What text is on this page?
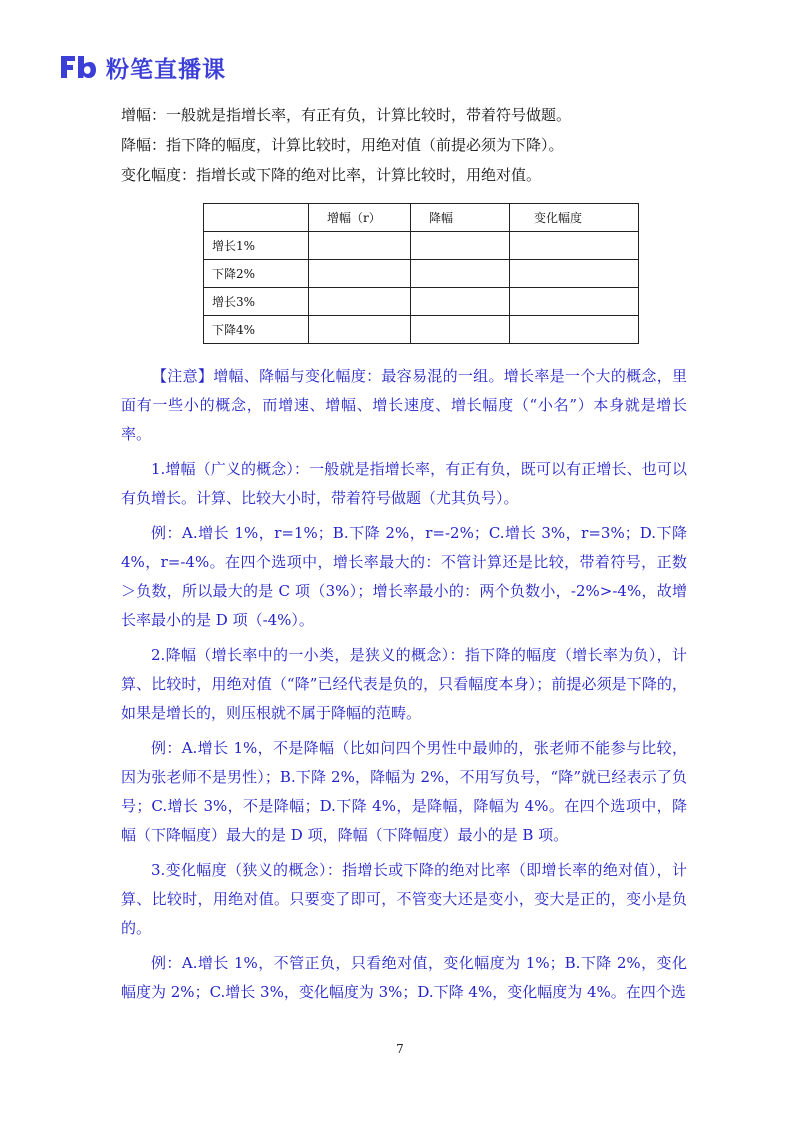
粉笔直播课

增幅：一般就是指增长率，有正有负，计算比较时，带着符号做题。

降幅：指下降的幅度，计算比较时，用绝对值（前提必须为下降）。

变化幅度：指增长或下降的绝对比率，计算比较时，用绝对值。

	增幅（r）	降幅	变化幅度
增长1%			
下降2%			
增长3%			
下降4%			

【注意】增幅、降幅与变化幅度：最容易混的一组。增长率是一个大的概念，里面有一些小的概念，而增速、增幅、增长速度、增长幅度（“小名”）本身就是增长率。

1.增幅（广义的概念）：一般就是指增长率，有正有负，既可以有正增长、也可以有负增长。计算、比较大小时，带着符号做题（尤其负号）。

例：A.增长 1%，r=1%；B.下降 2%，r=-2%；C.增长 3%，r=3%；D.下降 4%，r=-4%。在四个选项中，增长率最大的：不管计算还是比较，带着符号，正数＞负数，所以最大的是 C 项（3%）；增长率最小的：两个负数小，-2%>-4%，故增长率最小的是 D 项（-4%）。

2.降幅（增长率中的一小类，是狭义的概念）：指下降的幅度（增长率为负），计算、比较时，用绝对值（“降”已经代表是负的，只看幅度本身）；前提必须是下降的，如果是增长的，则压根就不属于降幅的范畴。

例：A.增长 1%，不是降幅（比如问四个男性中最帅的，张老师不能参与比较，因为张老师不是男性）；B.下降 2%，降幅为 2%，不用写负号，“降”就已经表示了负号；C.增长 3%，不是降幅；D.下降 4%，是降幅，降幅为 4%。在四个选项中，降幅（下降幅度）最大的是 D 项，降幅（下降幅度）最小的是 B 项。

3.变化幅度（狭义的概念）：指增长或下降的绝对比率（即增长率的绝对值），计算、比较时，用绝对值。只要变了即可，不管变大还是变小，变大是正的，变小是负的。

例：A.增长 1%，不管正负，只看绝对值，变化幅度为 1%；B.下降 2%，变化幅度为 2%；C.增长 3%，变化幅度为 3%；D.下降 4%，变化幅度为 4%。在四个选

7
